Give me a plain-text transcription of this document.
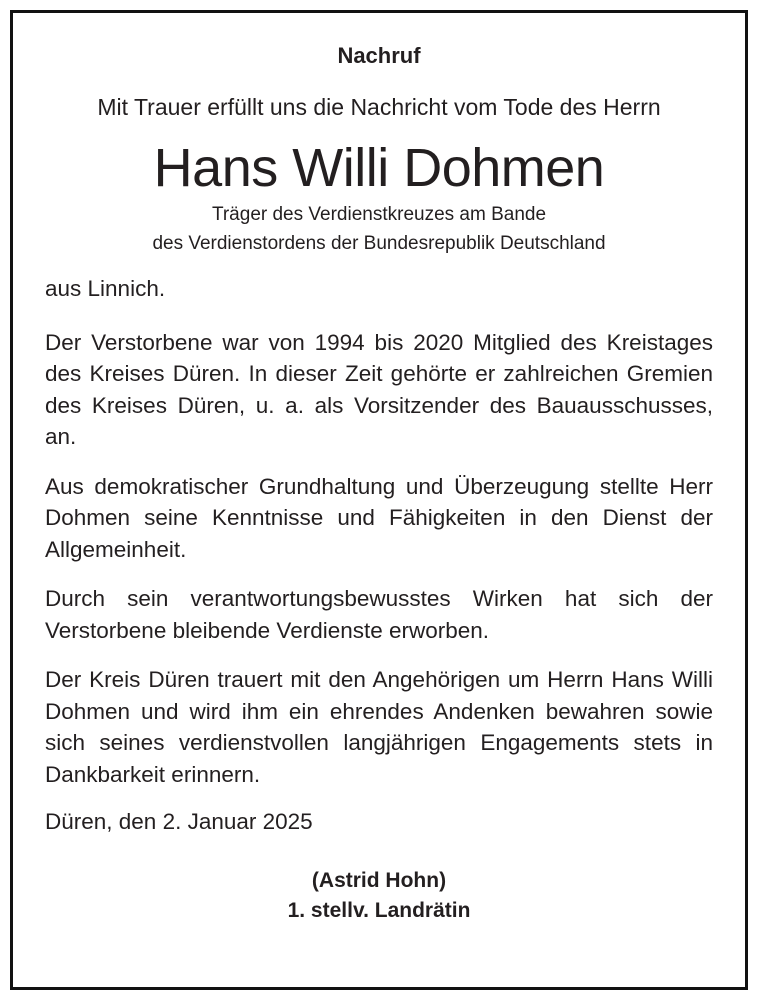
Nachruf

Mit Trauer erfüllt uns die Nachricht vom Tode des Herrn

Hans Willi Dohmen

Träger des Verdienstkreuzes am Bande

des Verdienstordens der Bundesrepublik Deutschland

aus Linnich.

Der Verstorbene war von 1994 bis 2020 Mitglied des Kreistages des Kreises Düren. In dieser Zeit gehörte er zahlreichen Gremien des Kreises Düren, u. a. als Vorsitzender des Bauausschusses, an.

Aus demokratischer Grundhaltung und Überzeugung stellte Herr Dohmen seine Kenntnisse und Fähigkeiten in den Dienst der Allgemeinheit.

Durch sein verantwortungsbewusstes Wirken hat sich der Verstorbene bleibende Verdienste erworben.

Der Kreis Düren trauert mit den Angehörigen um Herrn Hans Willi Dohmen und wird ihm ein ehrendes Andenken bewahren sowie sich seines verdienstvollen langjährigen Engagements stets in Dankbarkeit erinnern.

Düren, den 2. Januar 2025

(Astrid Hohn)

1. stellv. Landrätin
